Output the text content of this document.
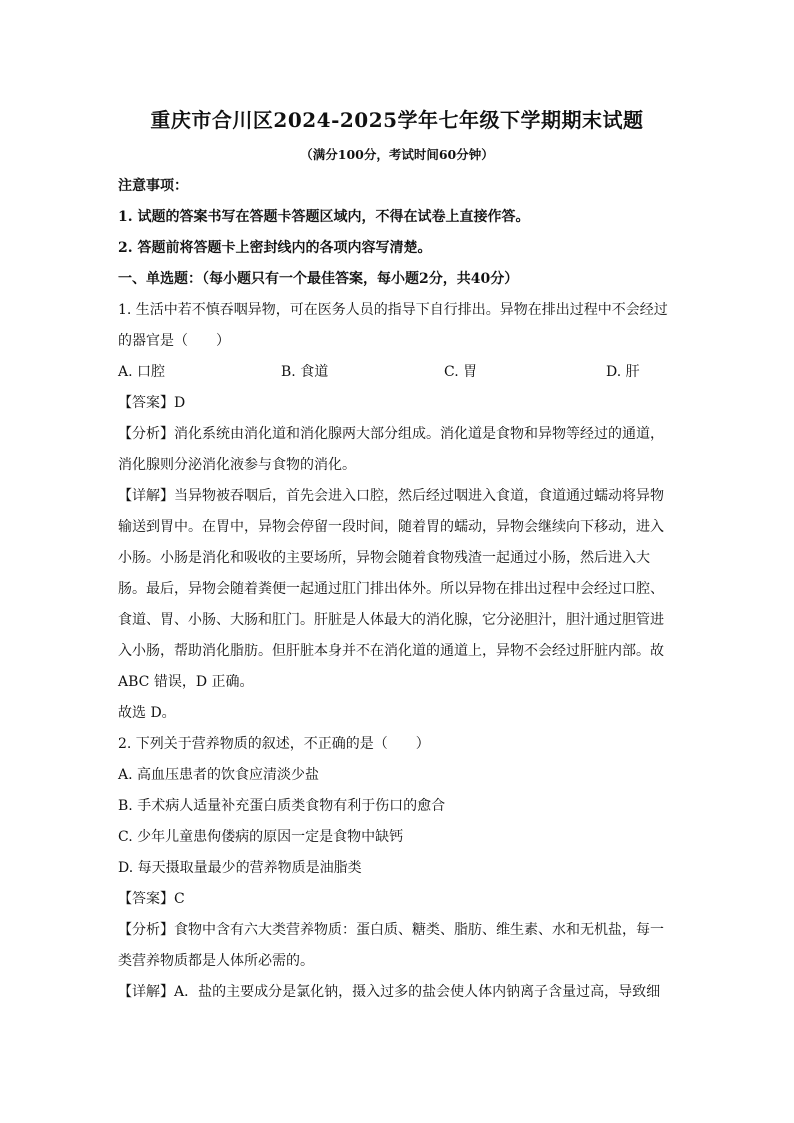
重庆市合川区2024-2025学年七年级下学期期末试题
（满分100分，考试时间60分钟）
注意事项：
1. 试题的答案书写在答题卡答题区域内，不得在试卷上直接作答。
2. 答题前将答题卡上密封线内的各项内容写清楚。
一、单选题：（每小题只有一个最佳答案，每小题2分，共40分）
1. 生活中若不慎吞咽异物，可在医务人员的指导下自行排出。异物在排出过程中不会经过
的器官是（　　）
A. 口腔	B. 食道	C. 胃	D. 肝
【答案】D
【分析】消化系统由消化道和消化腺两大部分组成。消化道是食物和异物等经过的通道，
消化腺则分泌消化液参与食物的消化。
【详解】当异物被吞咽后，首先会进入口腔，然后经过咽进入食道，食道通过蠕动将异物
输送到胃中。在胃中，异物会停留一段时间，随着胃的蠕动，异物会继续向下移动，进入
小肠。小肠是消化和吸收的主要场所，异物会随着食物残渣一起通过小肠，然后进入大
肠。最后，异物会随着粪便一起通过肛门排出体外。所以异物在排出过程中会经过口腔、
食道、胃、小肠、大肠和肛门。肝脏是人体最大的消化腺，它分泌胆汁，胆汁通过胆管进
入小肠，帮助消化脂肪。但肝脏本身并不在消化道的通道上，异物不会经过肝脏内部。故
ABC 错误，D 正确。
故选 D。
2. 下列关于营养物质的叙述，不正确的是（　　）
A. 高血压患者的饮食应清淡少盐
B. 手术病人适量补充蛋白质类食物有利于伤口的愈合
C. 少年儿童患佝偻病的原因一定是食物中缺钙
D. 每天摄取量最少的营养物质是油脂类
【答案】C
【分析】食物中含有六大类营养物质：蛋白质、糖类、脂肪、维生素、水和无机盐，每一
类营养物质都是人体所必需的。
【详解】A．盐的主要成分是氯化钠，摄入过多的盐会使人体内钠离子含量过高，导致细
